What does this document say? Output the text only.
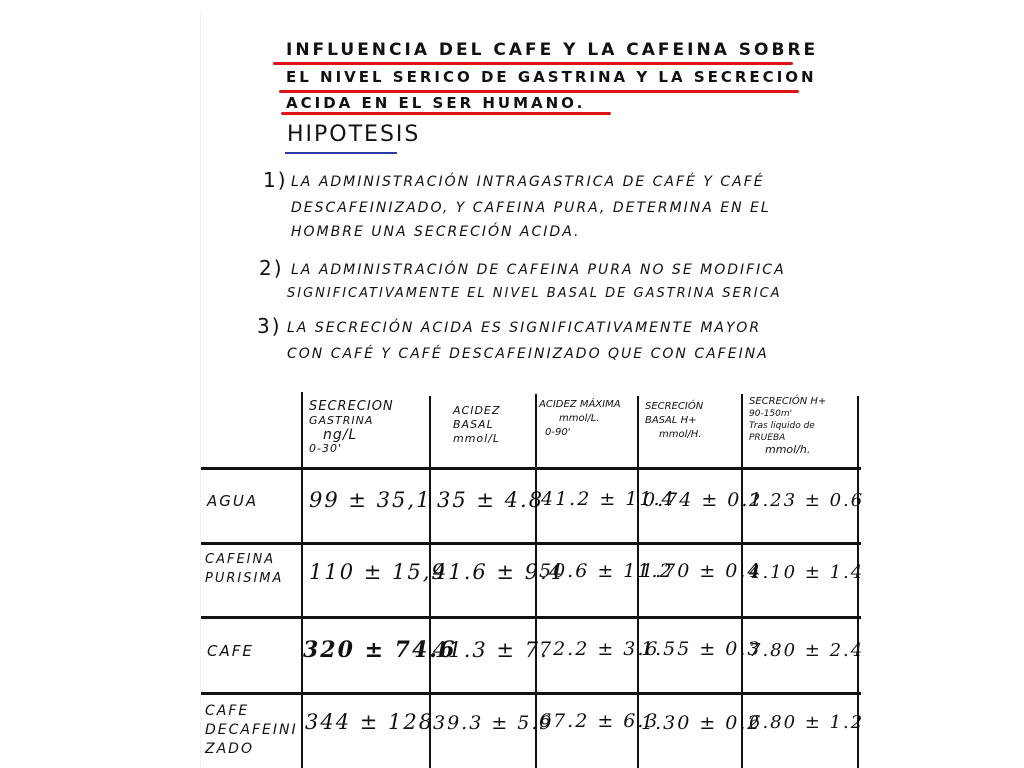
INFLUENCIA DEL CAFE Y LA CAFEINA SOBRE
EL NIVEL SERICO DE GASTRINA Y LA SECRECION
ACIDA EN EL SER HUMANO.
HIPOTESIS
1) LA ADMINISTRACIÓN INTRAGASTRICA DE CAFÉ Y CAFÉ
DESCAFEINIZADO, Y CAFEINA PURA, DETERMINA EN EL
HOMBRE UNA SECRECIÓN ACIDA.
2) LA ADMINISTRACIÓN DE CAFEINA PURA NO SE MODIFICA
SIGNIFICATIVAMENTE EL NIVEL BASAL DE GASTRINA SERICA
3) LA SECRECIÓN ACIDA ES SIGNIFICATIVAMENTE MAYOR
CON CAFÉ Y CAFÉ DESCAFEINIZADO QUE CON CAFEINA
SECRECION
GASTRINA
ng/L
0-30'
ACIDEZ
BASAL
mmol/L
ACIDEZ MÁXIMA
mmol/L.
0-90'
SECRECIÓN
BASAL H+
mmol/H.
SECRECIÓN H+
90-150m'
Tras liquido de
PRUEBA
mmol/h.
AGUA 99 ± 35,1 35 ± 4.8
41.2 ± 11.4
0.74 ± 0.1
2.23 ± 0.6
CAFEINA
PURISIMA 110 ± 15,9
41.6 ± 9.4
50.6 ± 11.2
1.70 ± 0.4
4.10 ± 1.4
CAFE 320 ± 74.6
41.3 ± 7.
72.2 ± 3.6
1.55 ± 0.3
7.80 ± 2.4
CAFE
DECAFEINI
ZADO
344 ± 128
39.3 ± 5.9
67.2 ± 6.3
1.30 ± 0.2
6.80 ± 1.2
